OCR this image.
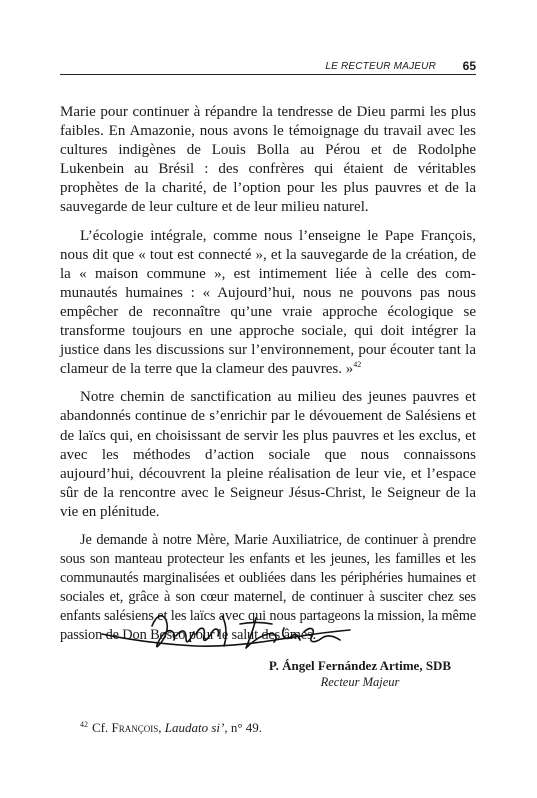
LE RECTEUR MAJEUR 65

Marie pour continuer à répandre la tendresse de Dieu parmi les plus faibles. En Amazonie, nous avons le témoignage du travail avec les cultures indigènes de Louis Bolla au Pérou et de Rodolphe Lukenbein au Brésil : des confrères qui étaient de véritables prophètes de la charité, de l’option pour les plus pauvres et de la sauvegarde de leur culture et de leur milieu naturel.

L’écologie intégrale, comme nous l’enseigne le Pape François, nous dit que « tout est connecté », et la sauvegarde de la création, de la « maison commune », est intimement liée à celle des communautés humaines : « Aujourd’hui, nous ne pouvons pas nous empêcher de reconnaître qu’une vraie approche écologique se transforme toujours en une approche sociale, qui doit intégrer la justice dans les discussions sur l’environnement, pour écouter tant la clameur de la terre que la clameur des pauvres. »$^{42}$

Notre chemin de sanctification au milieu des jeunes pauvres et abandonnés continue de s’enrichir par le dévouement de Salésiens et de laïcs qui, en choisissant de servir les plus pauvres et les exclus, et avec les méthodes d’action sociale que nous connaissons aujourd’hui, découvrent la pleine réalisation de leur vie, et l’espace sûr de la rencontre avec le Seigneur Jésus-Christ, le Seigneur de la vie en plénitude.

Je demande à notre Mère, Marie Auxiliatrice, de continuer à prendre sous son manteau protecteur les enfants et les jeunes, les familles et les communautés marginalisées et oubliées dans les périphéries humaines et sociales et, grâce à son cœur maternel, de continuer à susciter chez ses enfants salésiens et les laïcs avec qui nous partageons la mission, la même passion de Don Bosco pour le salut des âmes.

P. Ángel Fernández Artime, SDB
Recteur Majeur
$^{42}$ Cf. François, Laudato si’, n° 49.
